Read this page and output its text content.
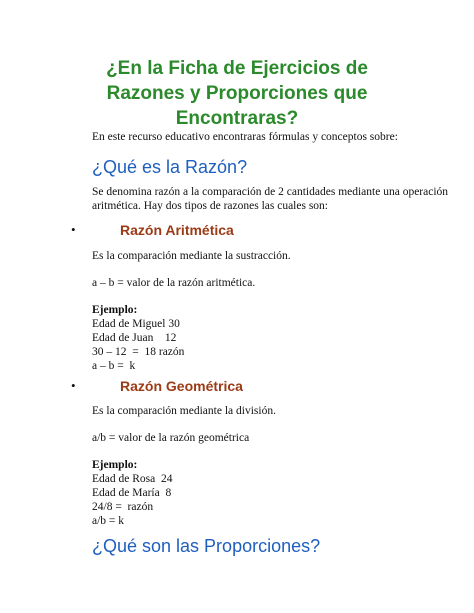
¿En la Ficha de Ejercicios de
Razones y Proporciones que
Encontraras?
En este recurso educativo encontraras fórmulas y conceptos sobre:
¿Qué es la Razón?
Se denomina razón a la comparación de 2 cantidades mediante una operación
aritmética. Hay dos tipos de razones las cuales son:
•	Razón Aritmética
Es la comparación mediante la sustracción.
a – b = valor de la razón aritmética.
Ejemplo:
Edad de Miguel 30
Edad de Juan    12
30 – 12  =  18 razón
a – b =  k
•	Razón Geométrica
Es la comparación mediante la división.
a/b = valor de la razón geométrica
Ejemplo:
Edad de Rosa  24
Edad de María  8
24/8 =  razón
a/b = k
¿Qué son las Proporciones?
